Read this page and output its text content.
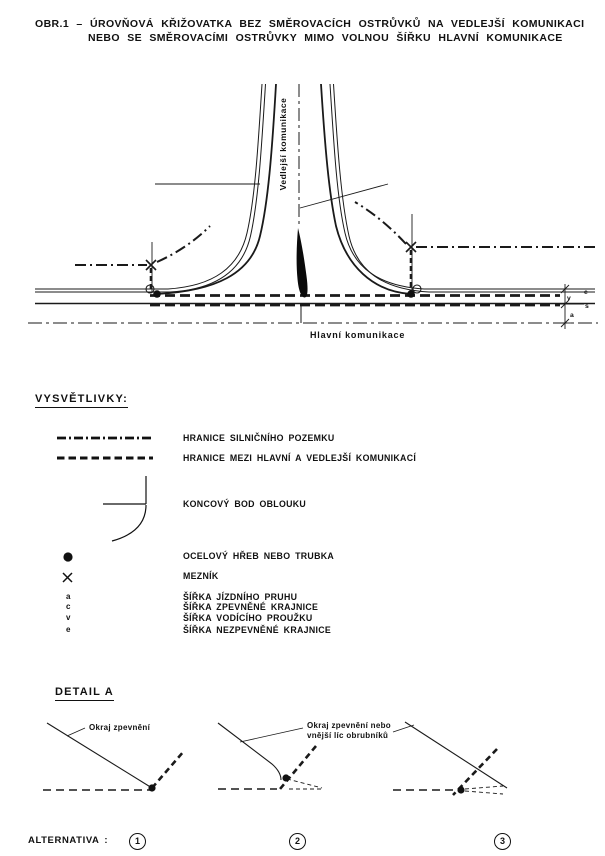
OBR.1 – ÚROVŇOVÁ KŘIŽOVATKA BEZ SMĚROVACÍCH OSTRŮVKŮ NA VEDLEJŠÍ KOMUNIKACI
NEBO SE SMĚROVACÍMI OSTRŮVKY MIMO VOLNOU ŠÍŘKU HLAVNÍ KOMUNIKACE
Vedlejší komunikace
Hlavní komunikace
e
v
s
a
VYSVĚTLIVKY:
HRANICE SILNIČNÍHO POZEMKU
HRANICE MEZI HLAVNÍ A VEDLEJŠÍ KOMUNIKACÍ
KONCOVÝ BOD OBLOUKU
OCELOVÝ HŘEB NEBO TRUBKA
MEZNÍK
a	ŠÍŘKA JÍZDNÍHO PRUHU
c	ŠÍŘKA ZPEVNĚNÉ KRAJNICE
v	ŠÍŘKA VODÍCÍHO PROUŽKU
e	ŠÍŘKA NEZPEVNĚNÉ KRAJNICE
DETAIL A
Okraj zpevnění	Okraj zpevnění nebo
vnější líc obrubníků
ALTERNATIVA :	1	2	3
